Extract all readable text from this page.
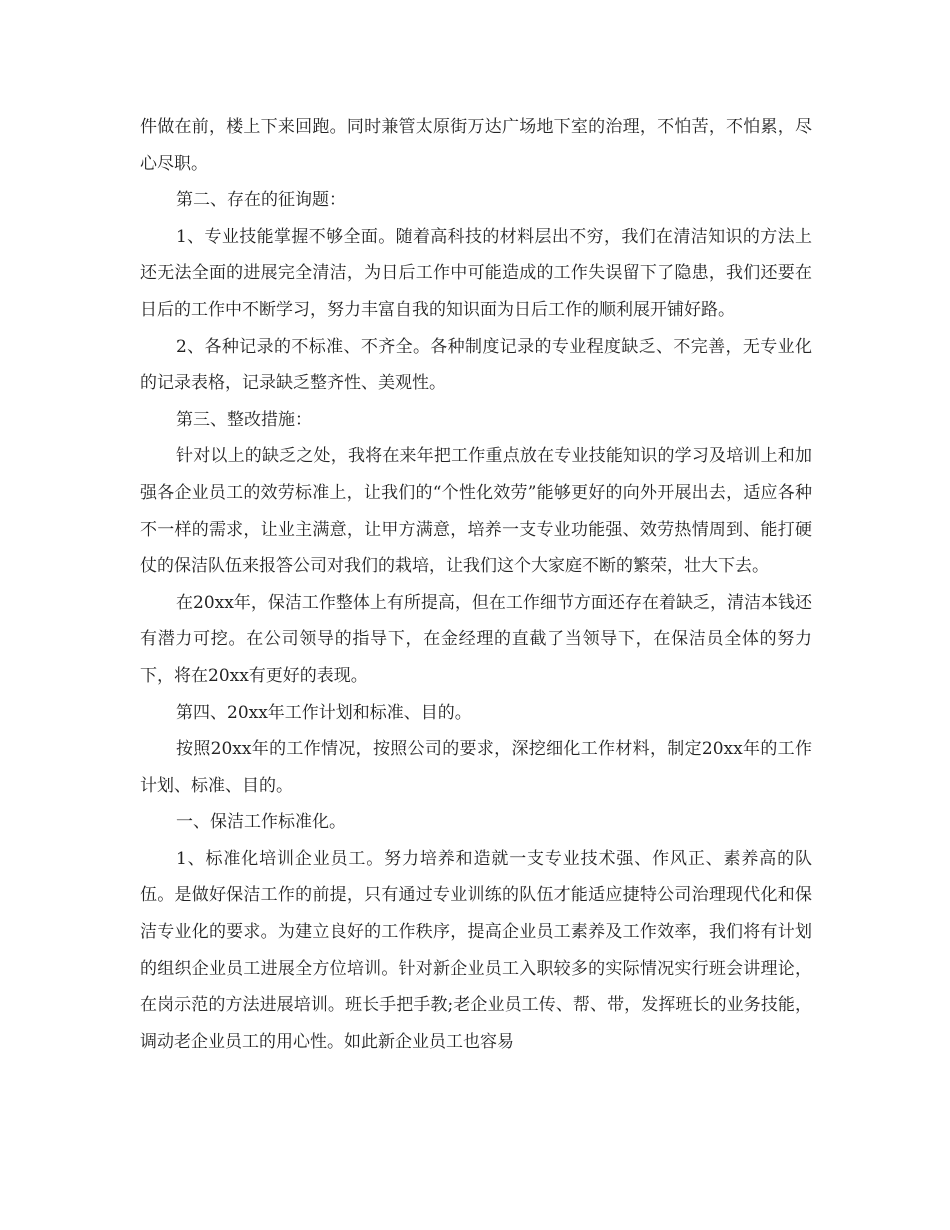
件做在前，楼上下来回跑。同时兼管太原街万达广场地下室的治理，不怕苦，不怕累，尽心尽职。

第二、存在的征询题：

1、专业技能掌握不够全面。随着高科技的材料层出不穷，我们在清洁知识的方法上还无法全面的进展完全清洁，为日后工作中可能造成的工作失误留下了隐患，我们还要在日后的工作中不断学习，努力丰富自我的知识面为日后工作的顺利展开铺好路。

2、各种记录的不标准、不齐全。各种制度记录的专业程度缺乏、不完善，无专业化的记录表格，记录缺乏整齐性、美观性。

第三、整改措施：

针对以上的缺乏之处，我将在来年把工作重点放在专业技能知识的学习及培训上和加强各企业员工的效劳标准上，让我们的“个性化效劳”能够更好的向外开展出去，适应各种不一样的需求，让业主满意，让甲方满意，培养一支专业功能强、效劳热情周到、能打硬仗的保洁队伍来报答公司对我们的栽培，让我们这个大家庭不断的繁荣，壮大下去。

在20xx年，保洁工作整体上有所提高，但在工作细节方面还存在着缺乏，清洁本钱还有潜力可挖。在公司领导的指导下，在金经理的直截了当领导下，在保洁员全体的努力下，将在20xx有更好的表现。

第四、20xx年工作计划和标准、目的。

按照20xx年的工作情况，按照公司的要求，深挖细化工作材料，制定20xx年的工作计划、标准、目的。

一、保洁工作标准化。

1、标准化培训企业员工。努力培养和造就一支专业技术强、作风正、素养高的队伍。是做好保洁工作的前提，只有通过专业训练的队伍才能适应捷特公司治理现代化和保洁专业化的要求。为建立良好的工作秩序，提高企业员工素养及工作效率，我们将有计划的组织企业员工进展全方位培训。针对新企业员工入职较多的实际情况实行班会讲理论，在岗示范的方法进展培训。班长手把手教;老企业员工传、帮、带，发挥班长的业务技能，调动老企业员工的用心性。如此新企业员工也容易
